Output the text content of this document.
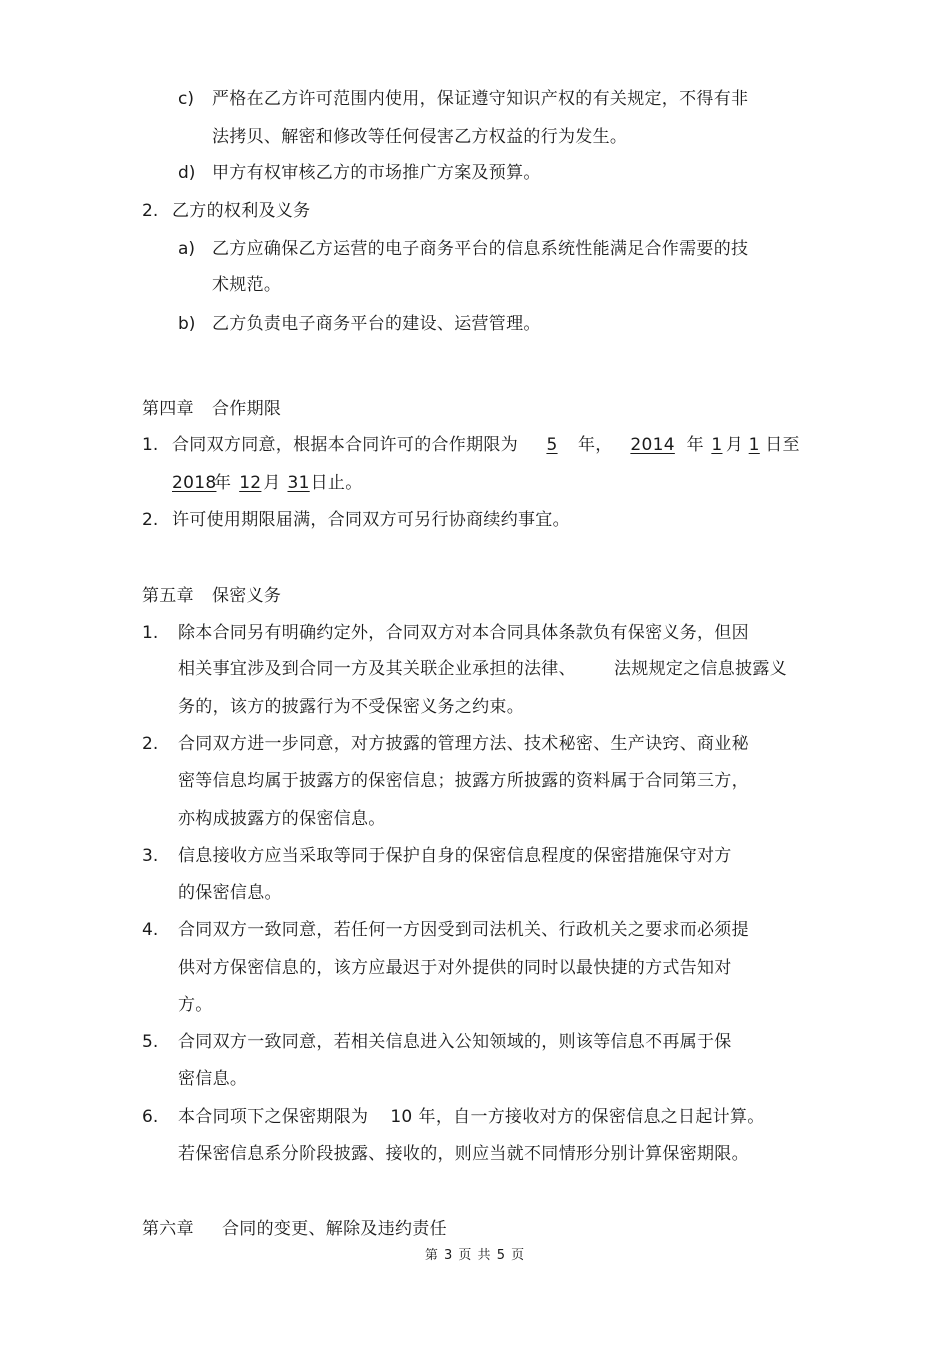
c) 严格在乙方许可范围内使用，保证遵守知识产权的有关规定，不得有非
法拷贝、解密和修改等任何侵害乙方权益的行为发生。
d) 甲方有权审核乙方的市场推广方案及预算。
2. 乙方的权利及义务
a) 乙方应确保乙方运营的电子商务平台的信息系统性能满足合作需要的技
术规范。
b) 乙方负责电子商务平台的建设、运营管理。
第四章 合作期限
1. 合同双方同意，根据本合同许可的合作期限为 5 年， 2014 年 1 月 1 日至
2018年 12 月 31日止。
2. 许可使用期限届满，合同双方可另行协商续约事宜。
第五章 保密义务
1. 除本合同另有明确约定外，合同双方对本合同具体条款负有保密义务，但因
相关事宜涉及到合同一方及其关联企业承担的法律、 法规规定之信息披露义
务的，该方的披露行为不受保密义务之约束。
2. 合同双方进一步同意，对方披露的管理方法、技术秘密、生产诀窍、商业秘
密等信息均属于披露方的保密信息；披露方所披露的资料属于合同第三方，
亦构成披露方的保密信息。
3. 信息接收方应当采取等同于保护自身的保密信息程度的保密措施保守对方
的保密信息。
4. 合同双方一致同意，若任何一方因受到司法机关、行政机关之要求而必须提
供对方保密信息的，该方应最迟于对外提供的同时以最快捷的方式告知对
方。
5. 合同双方一致同意，若相关信息进入公知领域的，则该等信息不再属于保
密信息。
6. 本合同项下之保密期限为 10 年，自一方接收对方的保密信息之日起计算。
若保密信息系分阶段披露、接收的，则应当就不同情形分别计算保密期限。
第六章 合同的变更、解除及违约责任
第 3 页 共 5 页
